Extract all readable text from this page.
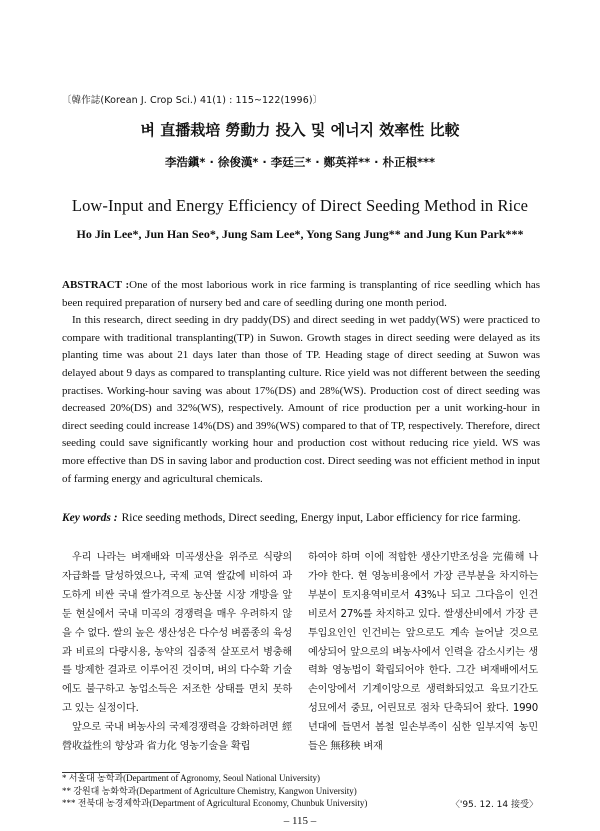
〔韓作誌(Korean J. Crop Sci.) 41(1) : 115~122(1996)〕
벼 直播栽培 勞動力 投入 및 에너지 效率性 比較
李浩鎭* · 徐俊漢* · 李廷三* · 鄭英祥** · 朴正根***
Low-Input and Energy Efficiency of Direct Seeding Method in Rice
Ho Jin Lee*, Jun Han Seo*, Jung Sam Lee*, Yong Sang Jung** and Jung Kun Park***

ABSTRACT :One of the most laborious work in rice farming is transplanting of rice seedling which has been required preparation of nursery bed and care of seedling during one month period.

In this research, direct seeding in dry paddy(DS) and direct seeding in wet paddy(WS) were practiced to compare with traditional transplanting(TP) in Suwon. Growth stages in direct seeding were delayed as its planting time was about 21 days later than those of TP. Heading stage of direct seeding at Suwon was delayed about 9 days as compared to transplanting culture. Rice yield was not different between the seeding practises. Working-hour saving was about 17%(DS) and 28%(WS). Production cost of direct seeding was decreased 20%(DS) and 32%(WS), respectively. Amount of rice production per a unit working-hour in direct seeding could increase 14%(DS) and 39%(WS) compared to that of TP, respectively. Therefore, direct seeding could save significantly working hour and production cost without reducing rice yield. WS was more effective than DS in saving labor and production cost. Direct seeding was not efficient method in input of farming energy and agricultural chemicals.

Key words : Rice seeding methods, Direct seeding, Energy input, Labor efficiency for rice farming.

우리 나라는 벼재배와 미곡생산을 위주로 식량의 자급화를 달성하였으나, 국제 교역 쌀값에 비하여 과도하게 비싼 국내 쌀가격으로 농산물 시장 개방을 앞둔 현실에서 국내 미곡의 경쟁력을 매우 우려하지 않을 수 없다. 쌀의 높은 생산성은 다수성 벼품종의 육성과 비료의 다량시용, 농약의 집중적 살포로서 병충해를 방제한 결과로 이루어진 것이며, 벼의 다수확 기술에도 불구하고 농업소득은 저조한 상태를 면치 못하고 있는 실정이다.

앞으로 국내 벼농사의 국제경쟁력을 강화하려면 經營收益性의 향상과 省力化 영농기술을 확립

하여야 하며 이에 적합한 생산기반조성을 完備해 나가야 한다. 현 영농비용에서 가장 큰부분을 차지하는 부분이 토지용역비로서 43%나 되고 그다음이 인건비로서 27%를 차지하고 있다. 쌀생산비에서 가장 큰 투입요인인 인건비는 앞으로도 계속 늘어날 것으로 예상되어 앞으로의 벼농사에서 인력을 감소시키는 생력화 영농법이 확립되어야 한다. 그간 벼재배에서도 손이앙에서 기계이앙으로 생력화되었고 육묘기간도 성묘에서 중묘, 어린묘로 점차 단축되어 왔다. 1990년대에 들면서 봄철 일손부족이 심한 일부지역 농민들은 無移秧 벼재

* 서울대 농학과(Department of Agronomy, Seoul National University)
** 강원대 농화학과(Department of Agriculture Chemistry, Kangwon University)
*** 전북대 농경제학과(Department of Agricultural Economy, Chunbuk University)	〈'95. 12. 14 接受〉
– 115 –
